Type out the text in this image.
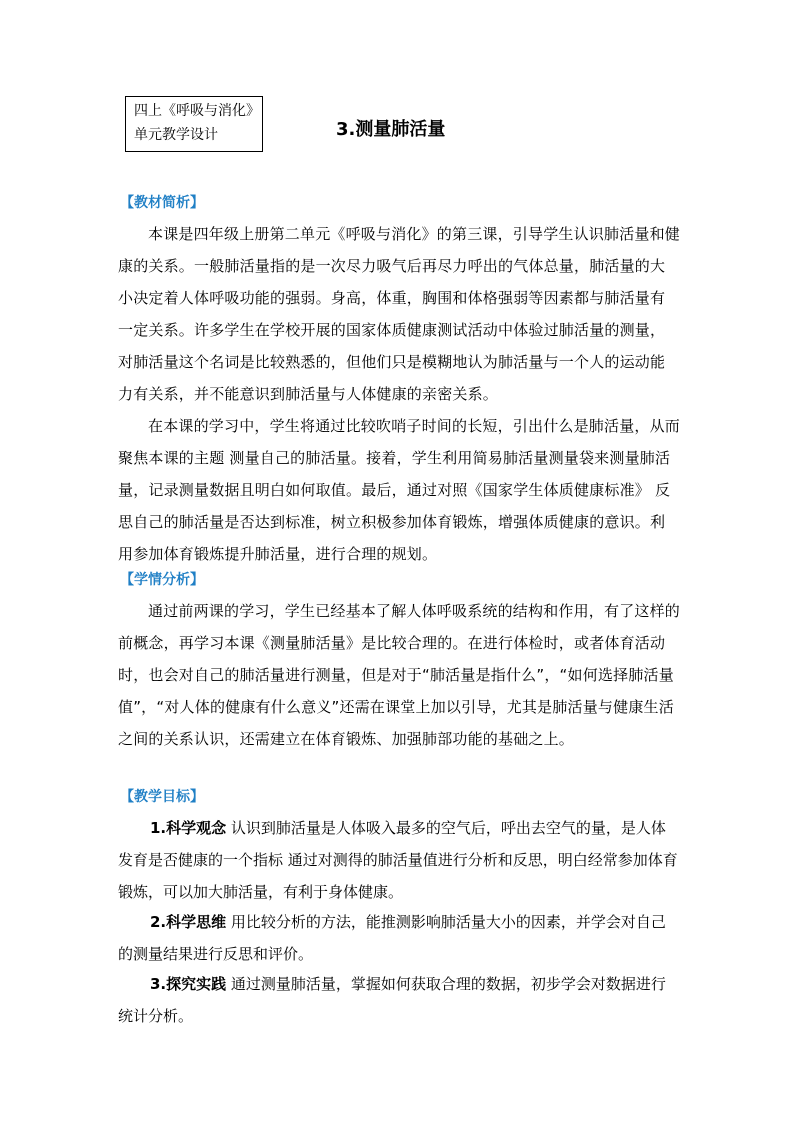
四上《呼吸与消化》
单元教学设计	3.测量肺活量
【教材简析】

本课是四年级上册第二单元《呼吸与消化》的第三课，引导学生认识肺活量和健康的关系。一般肺活量指的是一次尽力吸气后再尽力呼出的气体总量，肺活量的大小决定着人体呼吸功能的强弱。身高，体重，胸围和体格强弱等因素都与肺活量有一定关系。许多学生在学校开展的国家体质健康测试活动中体验过肺活量的测量，对肺活量这个名词是比较熟悉的，但他们只是模糊地认为肺活量与一个人的运动能力有关系，并不能意识到肺活量与人体健康的亲密关系。

在本课的学习中，学生将通过比较吹哨子时间的长短，引出什么是肺活量，从而聚焦本课的主题 测量自己的肺活量。接着，学生利用简易肺活量测量袋来测量肺活量，记录测量数据且明白如何取值。最后，通过对照《国家学生体质健康标准》 反思自己的肺活量是否达到标准，树立积极参加体育锻炼，增强体质健康的意识。利用参加体育锻炼提升肺活量，进行合理的规划。

【学情分析】

通过前两课的学习，学生已经基本了解人体呼吸系统的结构和作用，有了这样的前概念，再学习本课《测量肺活量》是比较合理的。在进行体检时，或者体育活动时，也会对自己的肺活量进行测量，但是对于“肺活量是指什么”，“如何选择肺活量值”，“对人体的健康有什么意义”还需在课堂上加以引导，尤其是肺活量与健康生活之间的关系认识，还需建立在体育锻炼、加强肺部功能的基础之上。

【教学目标】

1.科学观念 认识到肺活量是人体吸入最多的空气后，呼出去空气的量，是人体发育是否健康的一个指标 通过对测得的肺活量值进行分析和反思，明白经常参加体育锻炼，可以加大肺活量，有利于身体健康。

2.科学思维 用比较分析的方法，能推测影响肺活量大小的因素，并学会对自己的测量结果进行反思和评价。

3.探究实践 通过测量肺活量，掌握如何获取合理的数据，初步学会对数据进行统计分析。
